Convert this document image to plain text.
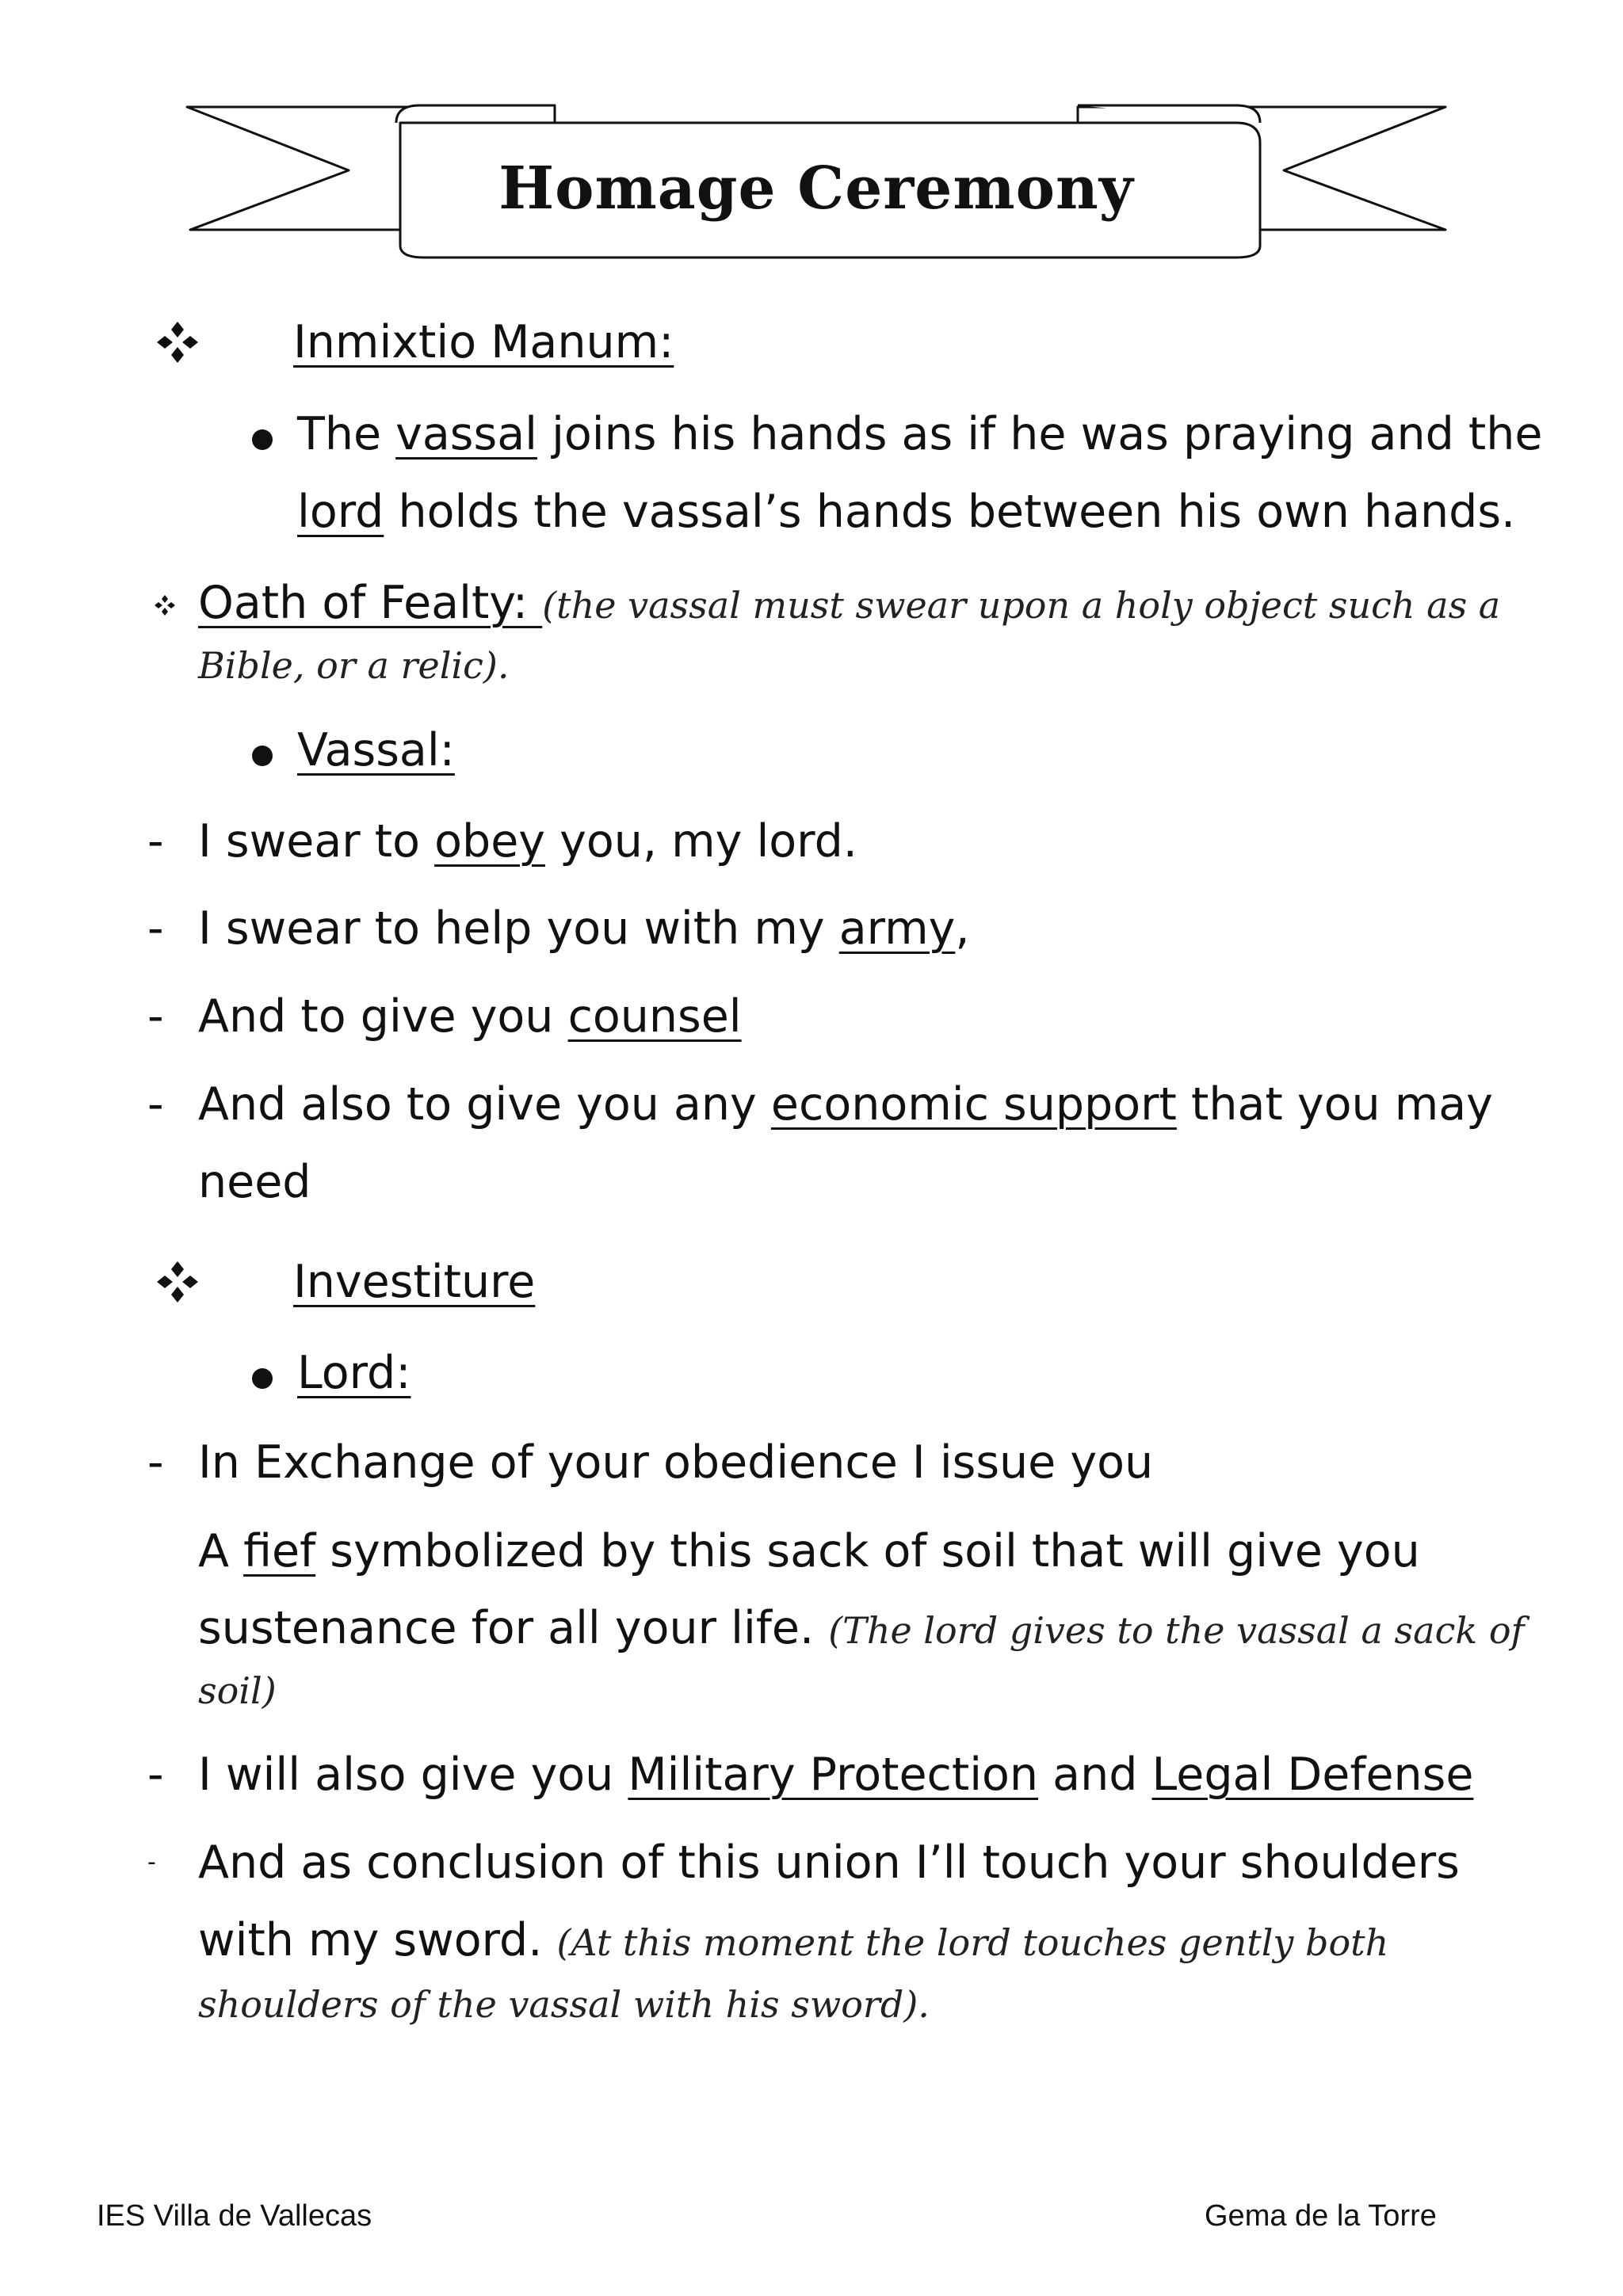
Homage Ceremony
Inmixtio Manum:
The vassal joins his hands as if he was praying and the
lord holds the vassal’s hands between his own hands.
Oath of Fealty: (the vassal must swear upon a holy object such as a
Bible, or a relic).
Vassal:
- I swear to obey you, my lord.
- I swear to help you with my army,
- And to give you counsel
- And also to give you any economic support that you may
need
Investiture
Lord:
- In Exchange of your obedience I issue you
A fief symbolized by this sack of soil that will give you
sustenance for all your life. (The lord gives to the vassal a sack of
soil)
- I will also give you Military Protection and Legal Defense
- And as conclusion of this union I’ll touch your shoulders
with my sword. (At this moment the lord touches gently both
shoulders of the vassal with his sword).
IES Villa de Vallecas	Gema de la Torre
